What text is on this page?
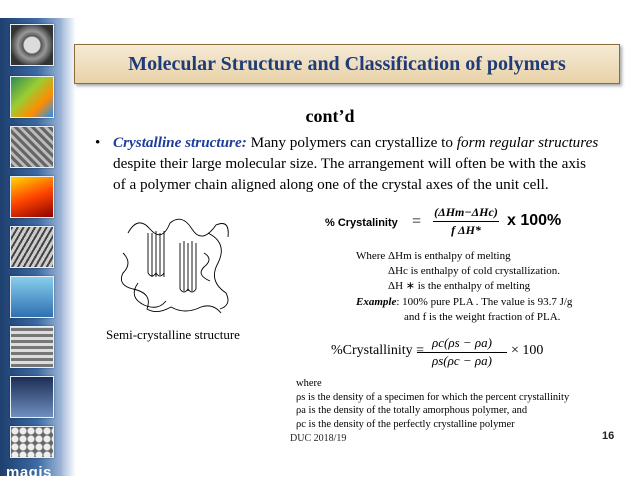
magis
Molecular Structure and Classification of polymers
cont’d
• Crystalline structure: Many polymers can crystallize to form regular structures despite their large molecular size. The arrangement will often be with the axis of a polymer chain aligned along one of the crystal axes of the unit cell.
% Crystalinity =
(ΔHm−ΔHc)
f ΔH*
x 100%
Where ΔHm is enthalpy of melting
ΔHc is enthalpy of cold crystallization.
ΔH ∗ is the enthalpy of melting
Example: 100% pure PLA . The value is 93.7 J/g
and f is the weight fraction of PLA.
Semi-crystalline structure
%Crystallinity =
$\frac{\rho c(\rho s - \rho a)}{\rho s(\rho c - \rho a)} \times 100$
where
ρs is the density of a specimen for which the percent crystallinity
ρa is the density of the totally amorphous polymer, and
ρc is the density of the perfectly crystalline polymer
DUC 2018/19	16
